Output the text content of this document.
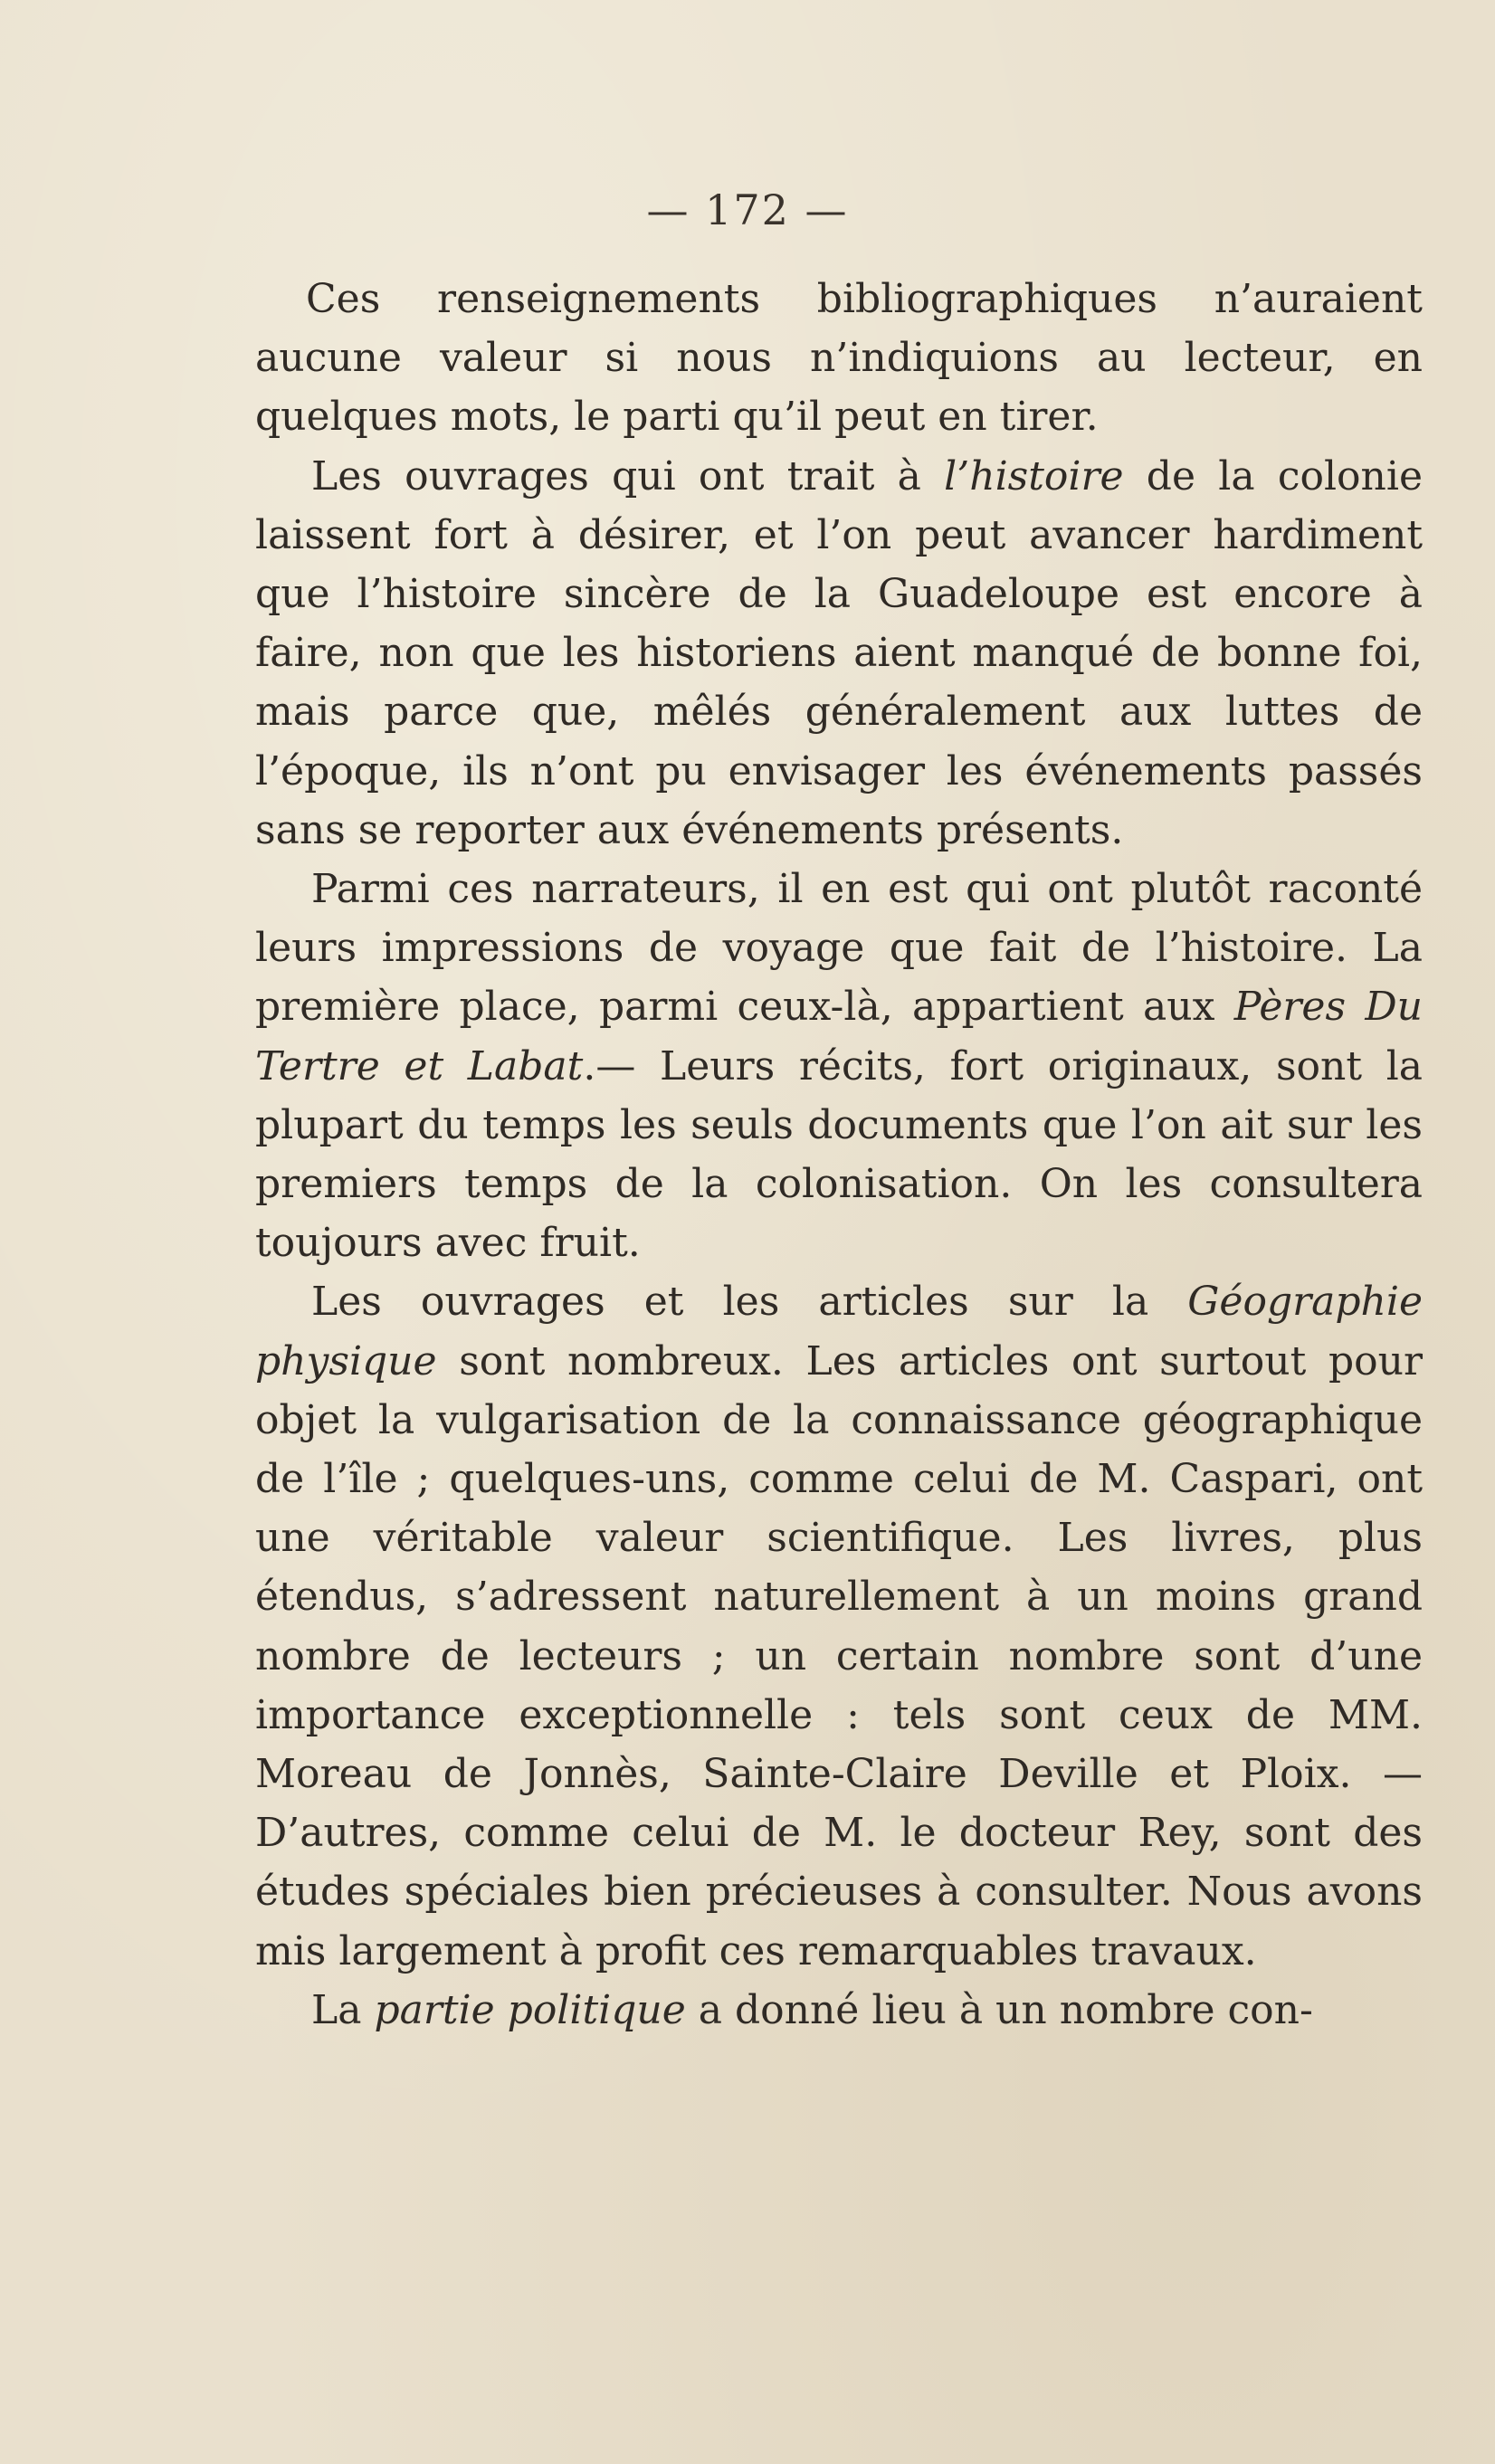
— 172 —

Ces renseignements bibliographiques n’auraient aucune valeur si nous n’indiquions au lecteur, en quelques mots, le parti qu’il peut en tirer.

Les ouvrages qui ont trait à l’histoire de la colonie laissent fort à désirer, et l’on peut avancer hardiment que l’histoire sincère de la Guadeloupe est encore à faire, non que les historiens aient manqué de bonne foi, mais parce que, mêlés généralement aux luttes de l’époque, ils n’ont pu envisager les événements passés sans se reporter aux événements présents.

Parmi ces narrateurs, il en est qui ont plutôt raconté leurs impressions de voyage que fait de l’histoire. La première place, parmi ceux-là, appartient aux Pères Du Tertre et Labat.— Leurs récits, fort originaux, sont la plupart du temps les seuls documents que l’on ait sur les premiers temps de la colonisation. On les consultera toujours avec fruit.

Les ouvrages et les articles sur la Géographie physique sont nombreux. Les articles ont surtout pour objet la vulgarisation de la connaissance géographique de l’île ; quelques-uns, comme celui de M. Caspari, ont une véritable valeur scientifique. Les livres, plus étendus, s’adressent naturellement à un moins grand nombre de lecteurs ; un certain nombre sont d’une importance exceptionnelle : tels sont ceux de MM. Moreau de Jonnès, Sainte-Claire Deville et Ploix. — D’autres, comme celui de M. le docteur Rey, sont des études spéciales bien précieuses à consulter. Nous avons mis largement à profit ces remarquables travaux.

La partie politique a donné lieu à un nombre con-
